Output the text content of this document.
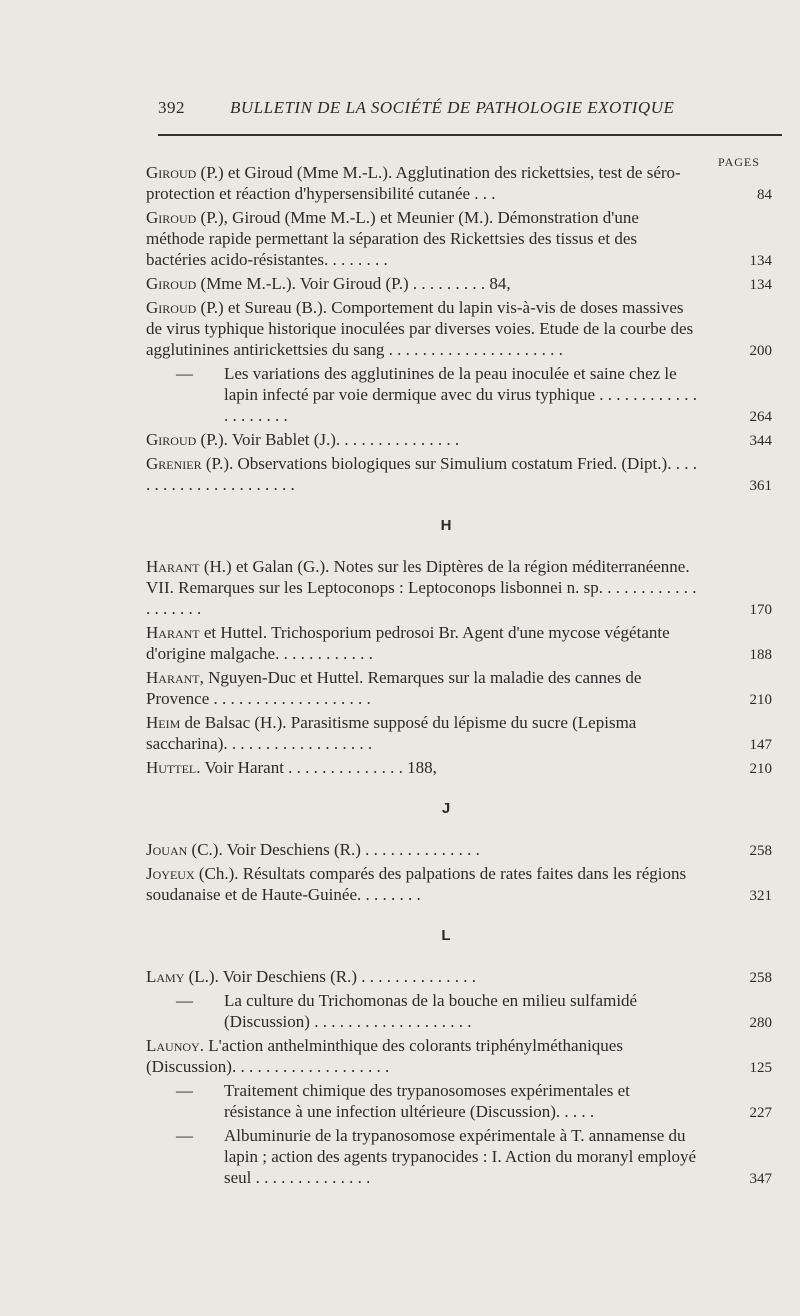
392	BULLETIN DE LA SOCIÉTÉ DE PATHOLOGIE EXOTIQUE
PAGES
Giroud (P.) et Giroud (Mme M.-L.). Agglutination des rickettsies, test de séro-protection et réaction d'hypersensibilité cutanée . . .	84
Giroud (P.), Giroud (Mme M.-L.) et Meunier (M.). Démonstration d'une méthode rapide permettant la séparation des Rickettsies des tissus et des bactéries acido-résistantes. . . . . . . .	134
Giroud (Mme M.-L.). Voir Giroud (P.) . . . . . . . . . 84,	134
Giroud (P.) et Sureau (B.). Comportement du lapin vis-à-vis de doses massives de virus typhique historique inoculées par diverses voies. Etude de la courbe des agglutinines antirickettsies du sang . . . . . . . . . . . . . . . . . . . . .	200
—	Les variations des agglutinines de la peau inoculée et saine chez le lapin infecté par voie dermique avec du virus typhique . . . . . . . . . . . . . . . . . . . .	264
Giroud (P.). Voir Bablet (J.). . . . . . . . . . . . . . .	344
Grenier (P.). Observations biologiques sur Simulium costatum Fried. (Dipt.). . . . . . . . . . . . . . . . . . . . . .	361
H
Harant (H.) et Galan (G.). Notes sur les Diptères de la région méditerranéenne. VII. Remarques sur les Leptoconops : Leptoconops lisbonnei n. sp. . . . . . . . . . . . . . . . . . .	170
Harant et Huttel. Trichosporium pedrosoi Br. Agent d'une mycose végétante d'origine malgache. . . . . . . . . . . .	188
Harant, Nguyen-Duc et Huttel. Remarques sur la maladie des cannes de Provence . . . . . . . . . . . . . . . . . . .	210
Heim de Balsac (H.). Parasitisme supposé du lépisme du sucre (Lepisma saccharina). . . . . . . . . . . . . . . . . .	147
Huttel. Voir Harant . . . . . . . . . . . . . . 188,	210
J
Jouan (C.). Voir Deschiens (R.) . . . . . . . . . . . . . .	258
Joyeux (Ch.). Résultats comparés des palpations de rates faites dans les régions soudanaise et de Haute-Guinée. . . . . . . .	321
L
Lamy (L.). Voir Deschiens (R.) . . . . . . . . . . . . . .	258
—	La culture du Trichomonas de la bouche en milieu sulfamidé (Discussion) . . . . . . . . . . . . . . . . . . .	280
Launoy. L'action anthelminthique des colorants triphénylméthaniques (Discussion). . . . . . . . . . . . . . . . . . .	125
—	Traitement chimique des trypanosomoses expérimentales et résistance à une infection ultérieure (Discussion). . . . .	227
—	Albuminurie de la trypanosomose expérimentale à T. annamense du lapin ; action des agents trypanocides : I. Action du moranyl employé seul . . . . . . . . . . . . . .	347
